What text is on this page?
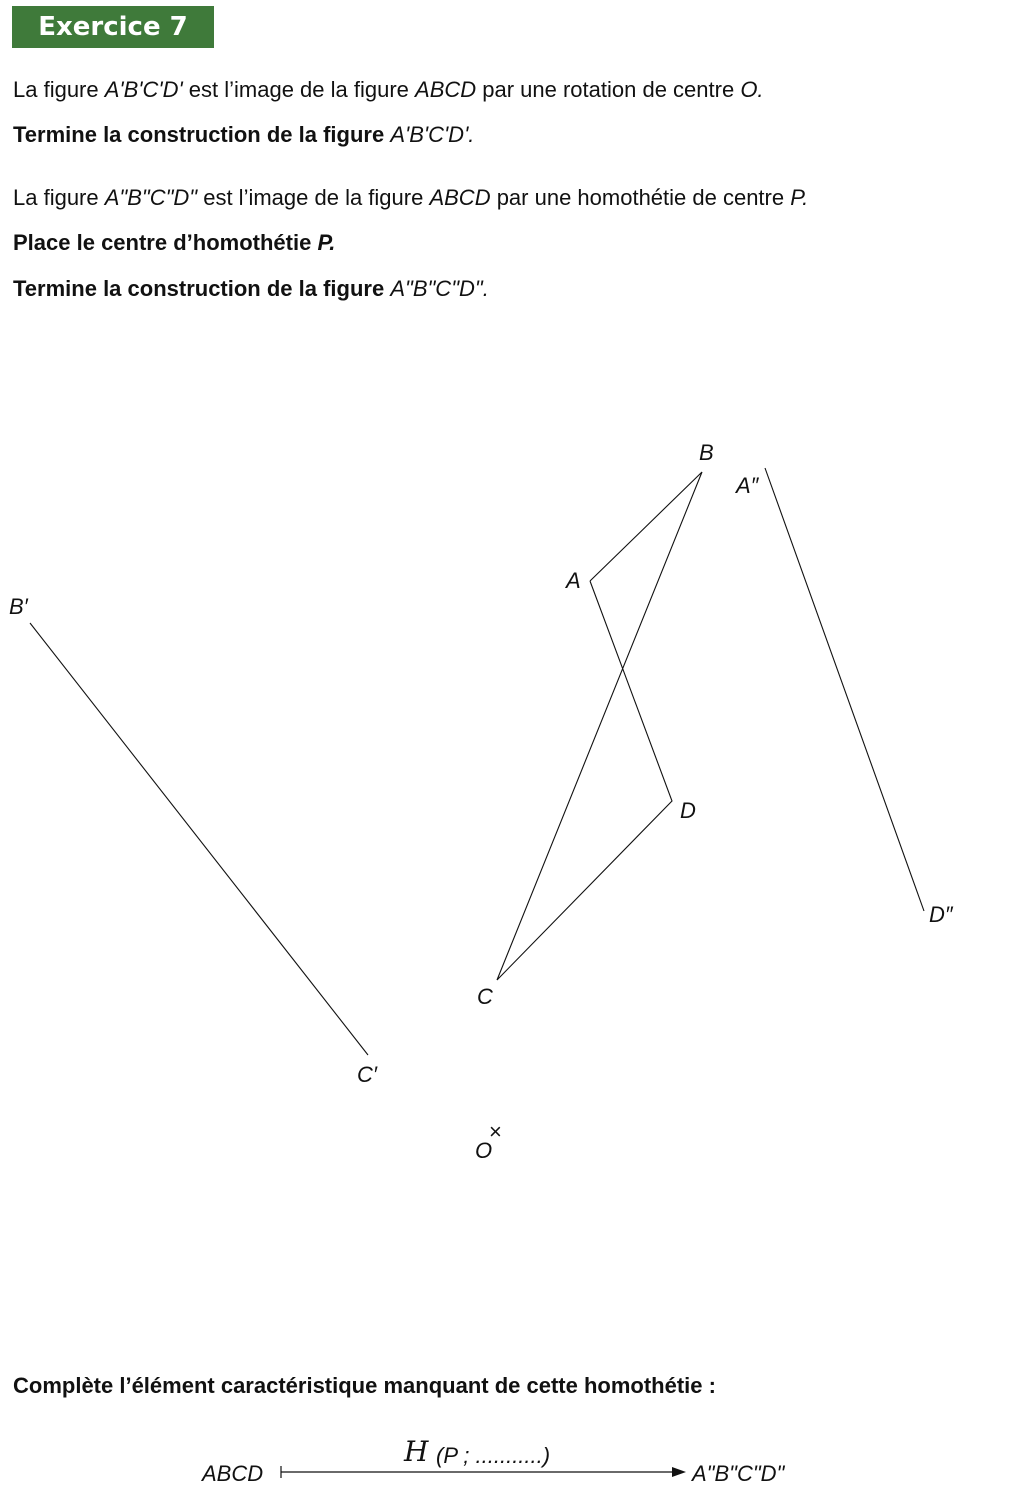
Exercice 7
La figure A'B'C'D' est l’image de la figure ABCD par une rotation de centre O.
Termine la construction de la figure A'B'C'D'.
La figure A"B"C"D" est l’image de la figure ABCD par une homothétie de centre P.
Place le centre d’homothétie P.
Termine la construction de la figure A"B"C"D".
B
A
D
C
B′
C′
A″
D″
O
×
Complète l’élément caractéristique manquant de cette homothétie :
ABCD
H (P ; ...........)
A"B"C"D"
